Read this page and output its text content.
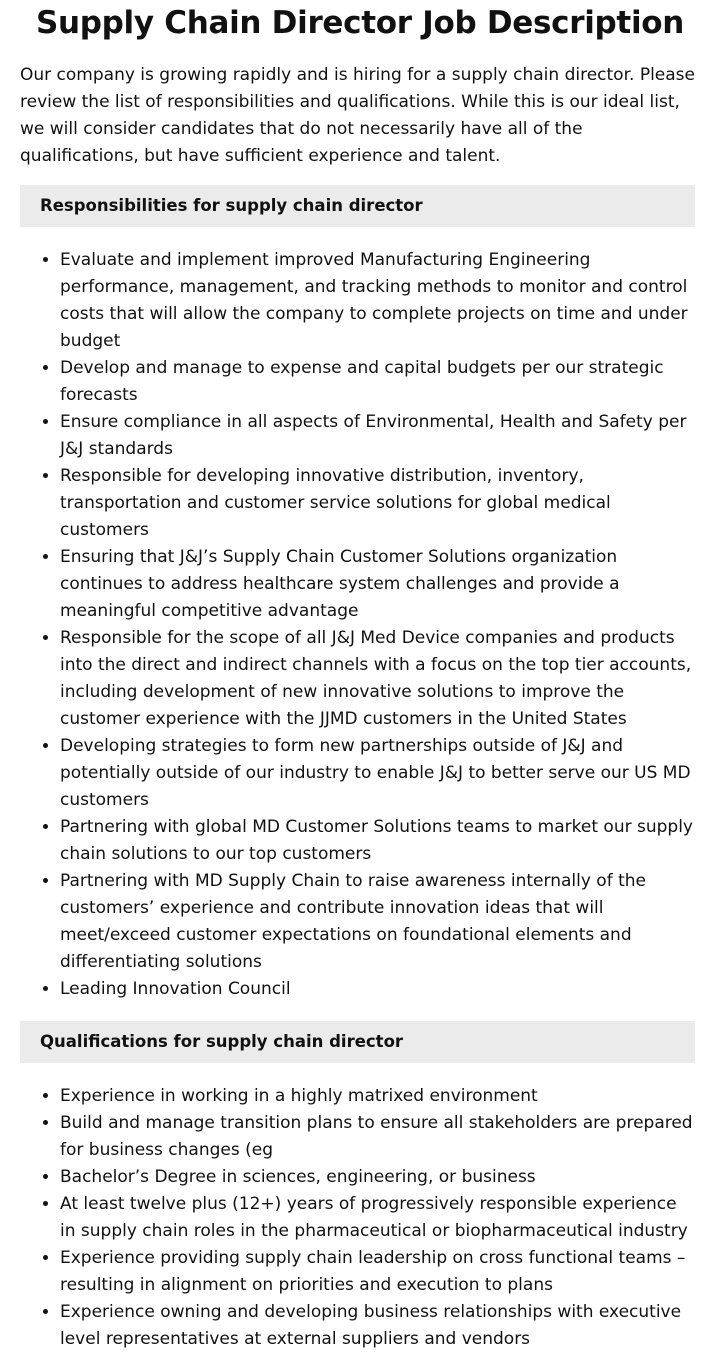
Supply Chain Director Job Description

Our company is growing rapidly and is hiring for a supply chain director. Please review the list of responsibilities and qualifications. While this is our ideal list, we will consider candidates that do not necessarily have all of the qualifications, but have sufficient experience and talent.

Responsibilities for supply chain director
• Evaluate and implement improved Manufacturing Engineering performance, management, and tracking methods to monitor and control costs that will allow the company to complete projects on time and under budget
• Develop and manage to expense and capital budgets per our strategic forecasts
• Ensure compliance in all aspects of Environmental, Health and Safety per J&J standards
• Responsible for developing innovative distribution, inventory, transportation and customer service solutions for global medical customers
• Ensuring that J&J’s Supply Chain Customer Solutions organization continues to address healthcare system challenges and provide a meaningful competitive advantage
• Responsible for the scope of all J&J Med Device companies and products into the direct and indirect channels with a focus on the top tier accounts, including development of new innovative solutions to improve the customer experience with the JJMD customers in the United States
• Developing strategies to form new partnerships outside of J&J and potentially outside of our industry to enable J&J to better serve our US MD customers
• Partnering with global MD Customer Solutions teams to market our supply chain solutions to our top customers
• Partnering with MD Supply Chain to raise awareness internally of the customers’ experience and contribute innovation ideas that will meet/exceed customer expectations on foundational elements and differentiating solutions
• Leading Innovation Council
Qualifications for supply chain director
• Experience in working in a highly matrixed environment
• Build and manage transition plans to ensure all stakeholders are prepared for business changes (eg
• Bachelor’s Degree in sciences, engineering, or business
• At least twelve plus (12+) years of progressively responsible experience in supply chain roles in the pharmaceutical or biopharmaceutical industry
• Experience providing supply chain leadership on cross functional teams – resulting in alignment on priorities and execution to plans
• Experience owning and developing business relationships with executive level representatives at external suppliers and vendors
